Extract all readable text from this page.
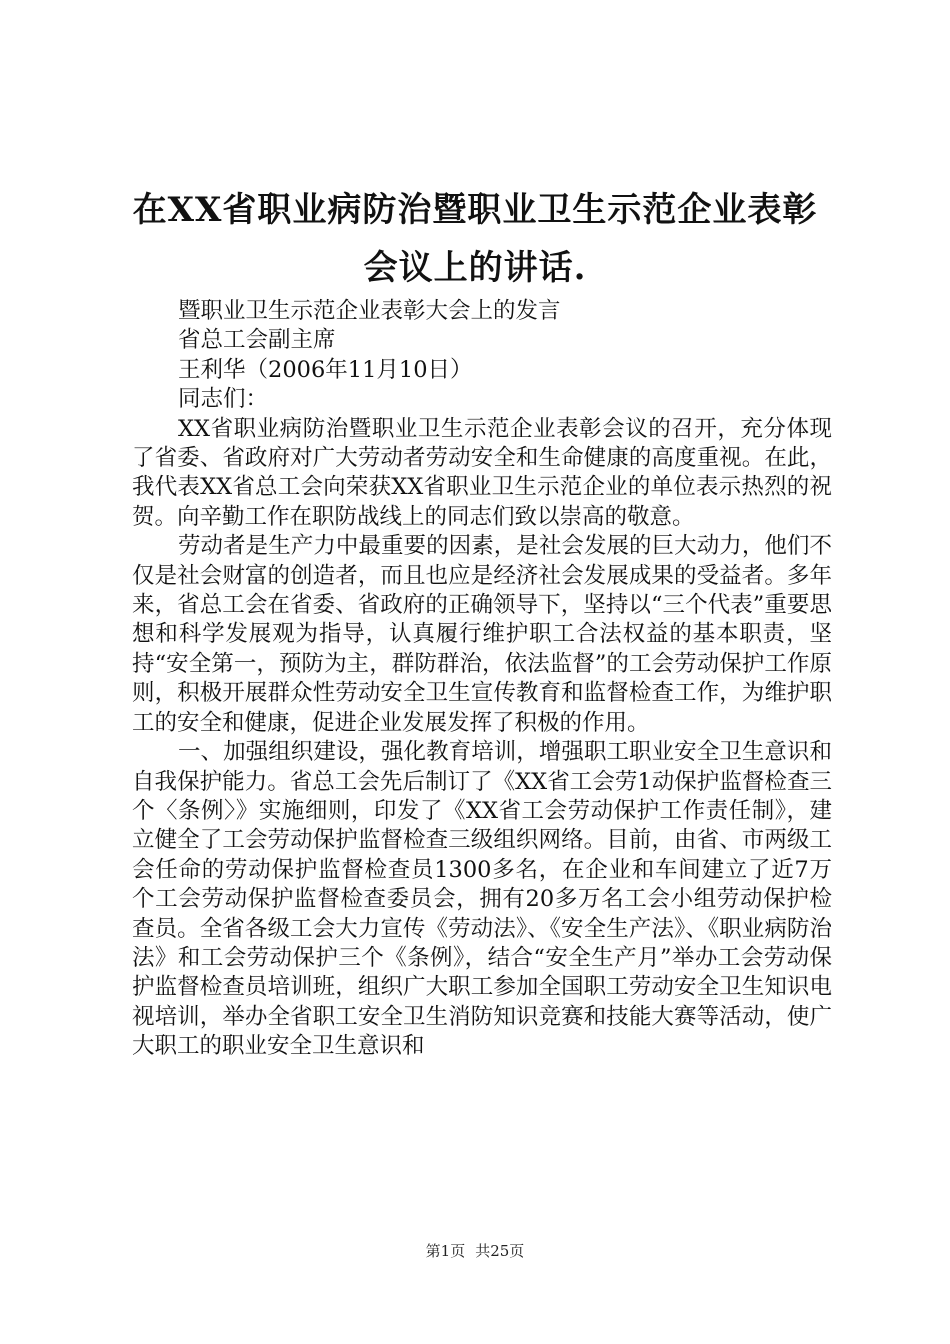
在XX省职业病防治暨职业卫生示范企业表彰
会议上的讲话.
暨职业卫生示范企业表彰大会上的发言
省总工会副主席
王利华（2006年11月10日）
同志们：

XX省职业病防治暨职业卫生示范企业表彰会议的召开，充分体现了省委、省政府对广大劳动者劳动安全和生命健康的高度重视。在此，我代表XX省总工会向荣获XX省职业卫生示范企业的单位表示热烈的祝贺。向辛勤工作在职防战线上的同志们致以崇高的敬意。

劳动者是生产力中最重要的因素，是社会发展的巨大动力，他们不仅是社会财富的创造者，而且也应是经济社会发展成果的受益者。多年来，省总工会在省委、省政府的正确领导下，坚持以“三个代表”重要思想和科学发展观为指导，认真履行维护职工合法权益的基本职责，坚持“安全第一，预防为主，群防群治，依法监督”的工会劳动保护工作原则，积极开展群众性劳动安全卫生宣传教育和监督检查工作，为维护职工的安全和健康，促进企业发展发挥了积极的作用。

一、加强组织建设，强化教育培训，增强职工职业安全卫生意识和自我保护能力。省总工会先后制订了《XX省工会劳1动保护监督检查三个〈条例〉》实施细则，印发了《XX省工会劳动保护工作责任制》，建立健全了工会劳动保护监督检查三级组织网络。目前，由省、市两级工会任命的劳动保护监督检查员1300多名，在企业和车间建立了近7万个工会劳动保护监督检查委员会，拥有20多万名工会小组劳动保护检查员。全省各级工会大力宣传《劳动法》、《安全生产法》、《职业病防治法》和工会劳动保护三个《条例》，结合“安全生产月”举办工会劳动保护监督检查员培训班，组织广大职工参加全国职工劳动安全卫生知识电视培训，举办全省职工安全卫生消防知识竞赛和技能大赛等活动，使广大职工的职业安全卫生意识和

第1页 共25页
